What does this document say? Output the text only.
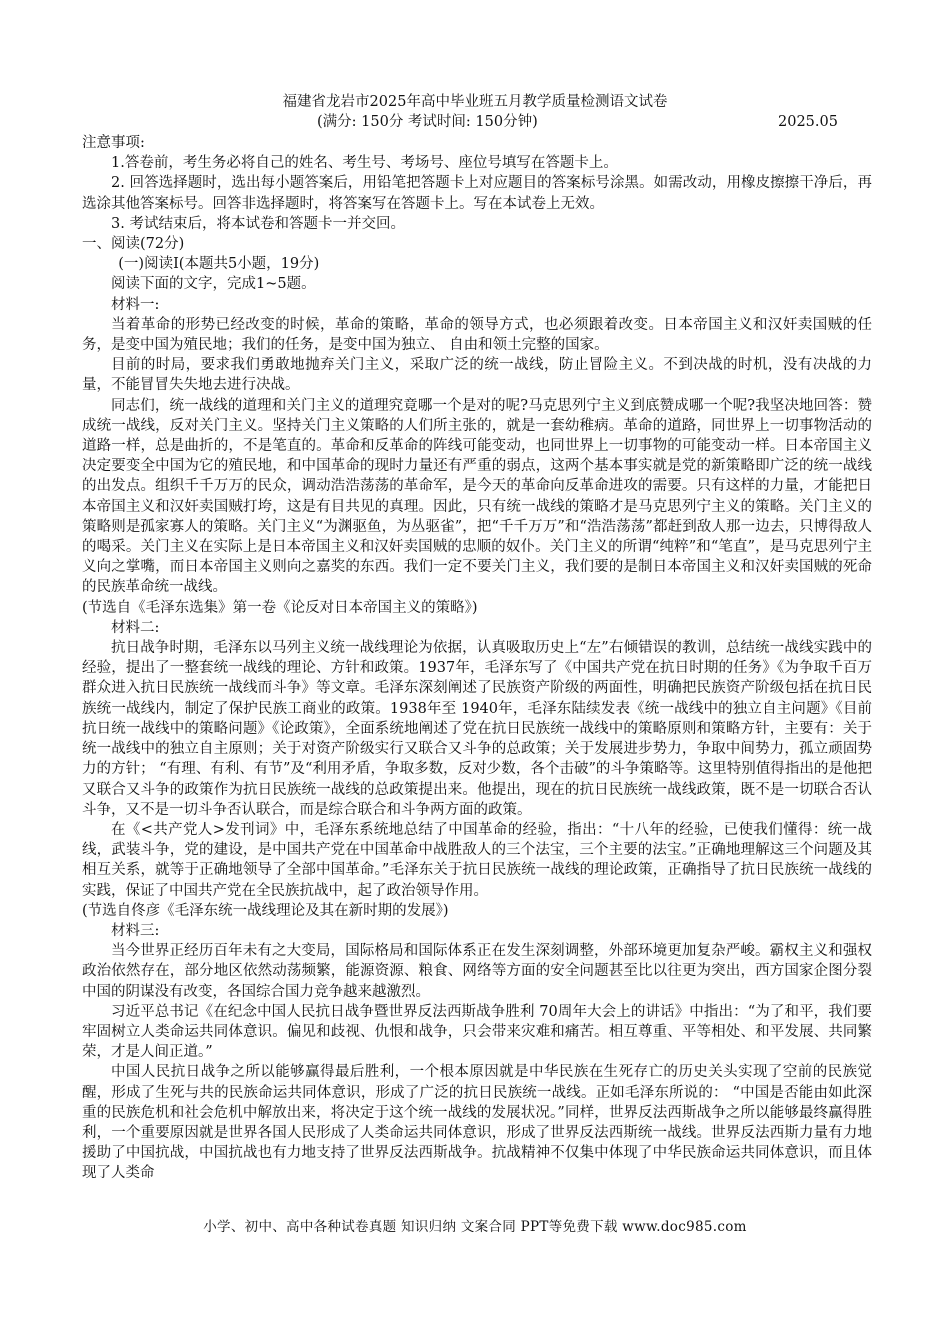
福建省龙岩市2025年高中毕业班五月教学质量检测语文试卷
(满分: 150分 考试时间: 150分钟)	2025.05

注意事项:

1.答卷前，考生务必将自己的姓名、考生号、考场号、座位号填写在答题卡上。

2. 回答选择题时，选出每小题答案后，用铅笔把答题卡上对应题目的答案标号涂黑。如需改动，用橡皮擦擦干净后，再选涂其他答案标号。回答非选择题时，将答案写在答题卡上。写在本试卷上无效。

3. 考试结束后，将本试卷和答题卡一并交回。

一、阅读(72分)

(一)阅读Ⅰ(本题共5小题，19分)

阅读下面的文字，完成1~5题。

材料一:

当着革命的形势已经改变的时候，革命的策略，革命的领导方式，也必须跟着改变。日本帝国主义和汉奸卖国贼的任务，是变中国为殖民地；我们的任务，是变中国为独立、 自由和领土完整的国家。

目前的时局，要求我们勇敢地抛弃关门主义，采取广泛的统一战线，防止冒险主义。不到决战的时机，没有决战的力量，不能冒冒失失地去进行决战。

同志们，统一战线的道理和关门主义的道理究竟哪一个是对的呢?马克思列宁主义到底赞成哪一个呢?我坚决地回答：赞成统一战线，反对关门主义。坚持关门主义策略的人们所主张的，就是一套幼稚病。革命的道路，同世界上一切事物活动的道路一样，总是曲折的，不是笔直的。革命和反革命的阵线可能变动，也同世界上一切事物的可能变动一样。日本帝国主义决定要变全中国为它的殖民地，和中国革命的现时力量还有严重的弱点，这两个基本事实就是党的新策略即广泛的统一战线的出发点。组织千千万万的民众，调动浩浩荡荡的革命军，是今天的革命向反革命进攻的需要。只有这样的力量，才能把日本帝国主义和汉奸卖国贼打垮，这是有目共见的真理。因此，只有统一战线的策略才是马克思列宁主义的策略。关门主义的策略则是孤家寡人的策略。关门主义“为渊驱鱼，为丛驱雀”，把“千千万万”和“浩浩荡荡”都赶到敌人那一边去，只博得敌人的喝采。关门主义在实际上是日本帝国主义和汉奸卖国贼的忠顺的奴仆。关门主义的所谓“纯粹”和“笔直”，是马克思列宁主义向之掌嘴，而日本帝国主义则向之嘉奖的东西。我们一定不要关门主义，我们要的是制日本帝国主义和汉奸卖国贼的死命的民族革命统一战线。

(节选自《毛泽东选集》第一卷《论反对日本帝国主义的策略》)

材料二:

抗日战争时期，毛泽东以马列主义统一战线理论为依据，认真吸取历史上“左”右倾错误的教训，总结统一战线实践中的经验，提出了一整套统一战线的理论、方针和政策。1937年，毛泽东写了《中国共产党在抗日时期的任务》《为争取千百万群众进入抗日民族统一战线而斗争》等文章。毛泽东深刻阐述了民族资产阶级的两面性，明确把民族资产阶级包括在抗日民族统一战线内，制定了保护民族工商业的政策。1938年至 1940年，毛泽东陆续发表《统一战线中的独立自主问题》《目前抗日统一战线中的策略问题》《论政策》，全面系统地阐述了党在抗日民族统一战线中的策略原则和策略方针，主要有：关于统一战线中的独立自主原则；关于对资产阶级实行又联合又斗争的总政策；关于发展进步势力，争取中间势力，孤立顽固势力的方针； “有理、有利、有节”及“利用矛盾，争取多数，反对少数，各个击破”的斗争策略等。这里特别值得指出的是他把又联合又斗争的政策作为抗日民族统一战线的总政策提出来。他提出，现在的抗日民族统一战线政策，既不是一切联合否认斗争，又不是一切斗争否认联合，而是综合联合和斗争两方面的政策。

在《<共产党人>发刊词》中，毛泽东系统地总结了中国革命的经验，指出：“十八年的经验，已使我们懂得：统一战线，武装斗争，党的建设，是中国共产党在中国革命中战胜敌人的三个法宝，三个主要的法宝。”正确地理解这三个问题及其相互关系，就等于正确地领导了全部中国革命。”毛泽东关于抗日民族统一战线的理论政策，正确指导了抗日民族统一战线的实践，保证了中国共产党在全民族抗战中，起了政治领导作用。

(节选自佟彦《毛泽东统一战线理论及其在新时期的发展》)

材料三:

当今世界正经历百年未有之大变局，国际格局和国际体系正在发生深刻调整，外部环境更加复杂严峻。霸权主义和强权政治依然存在，部分地区依然动荡频繁，能源资源、粮食、网络等方面的安全问题甚至比以往更为突出，西方国家企图分裂中国的阴谋没有改变，各国综合国力竞争越来越激烈。

习近平总书记《在纪念中国人民抗日战争暨世界反法西斯战争胜利 70周年大会上的讲话》中指出：“为了和平，我们要牢固树立人类命运共同体意识。偏见和歧视、仇恨和战争，只会带来灾难和痛苦。相互尊重、平等相处、和平发展、共同繁荣，才是人间正道。”

中国人民抗日战争之所以能够赢得最后胜利，一个根本原因就是中华民族在生死存亡的历史关头实现了空前的民族觉醒，形成了生死与共的民族命运共同体意识，形成了广泛的抗日民族统一战线。正如毛泽东所说的： “中国是否能由如此深重的民族危机和社会危机中解放出来，将决定于这个统一战线的发展状况。”同样，世界反法西斯战争之所以能够最终赢得胜利，一个重要原因就是世界各国人民形成了人类命运共同体意识，形成了世界反法西斯统一战线。世界反法西斯力量有力地援助了中国抗战，中国抗战也有力地支持了世界反法西斯战争。抗战精神不仅集中体现了中华民族命运共同体意识，而且体现了人类命

小学、初中、高中各种试卷真题 知识归纳 文案合同 PPT等免费下载 www.doc985.com
